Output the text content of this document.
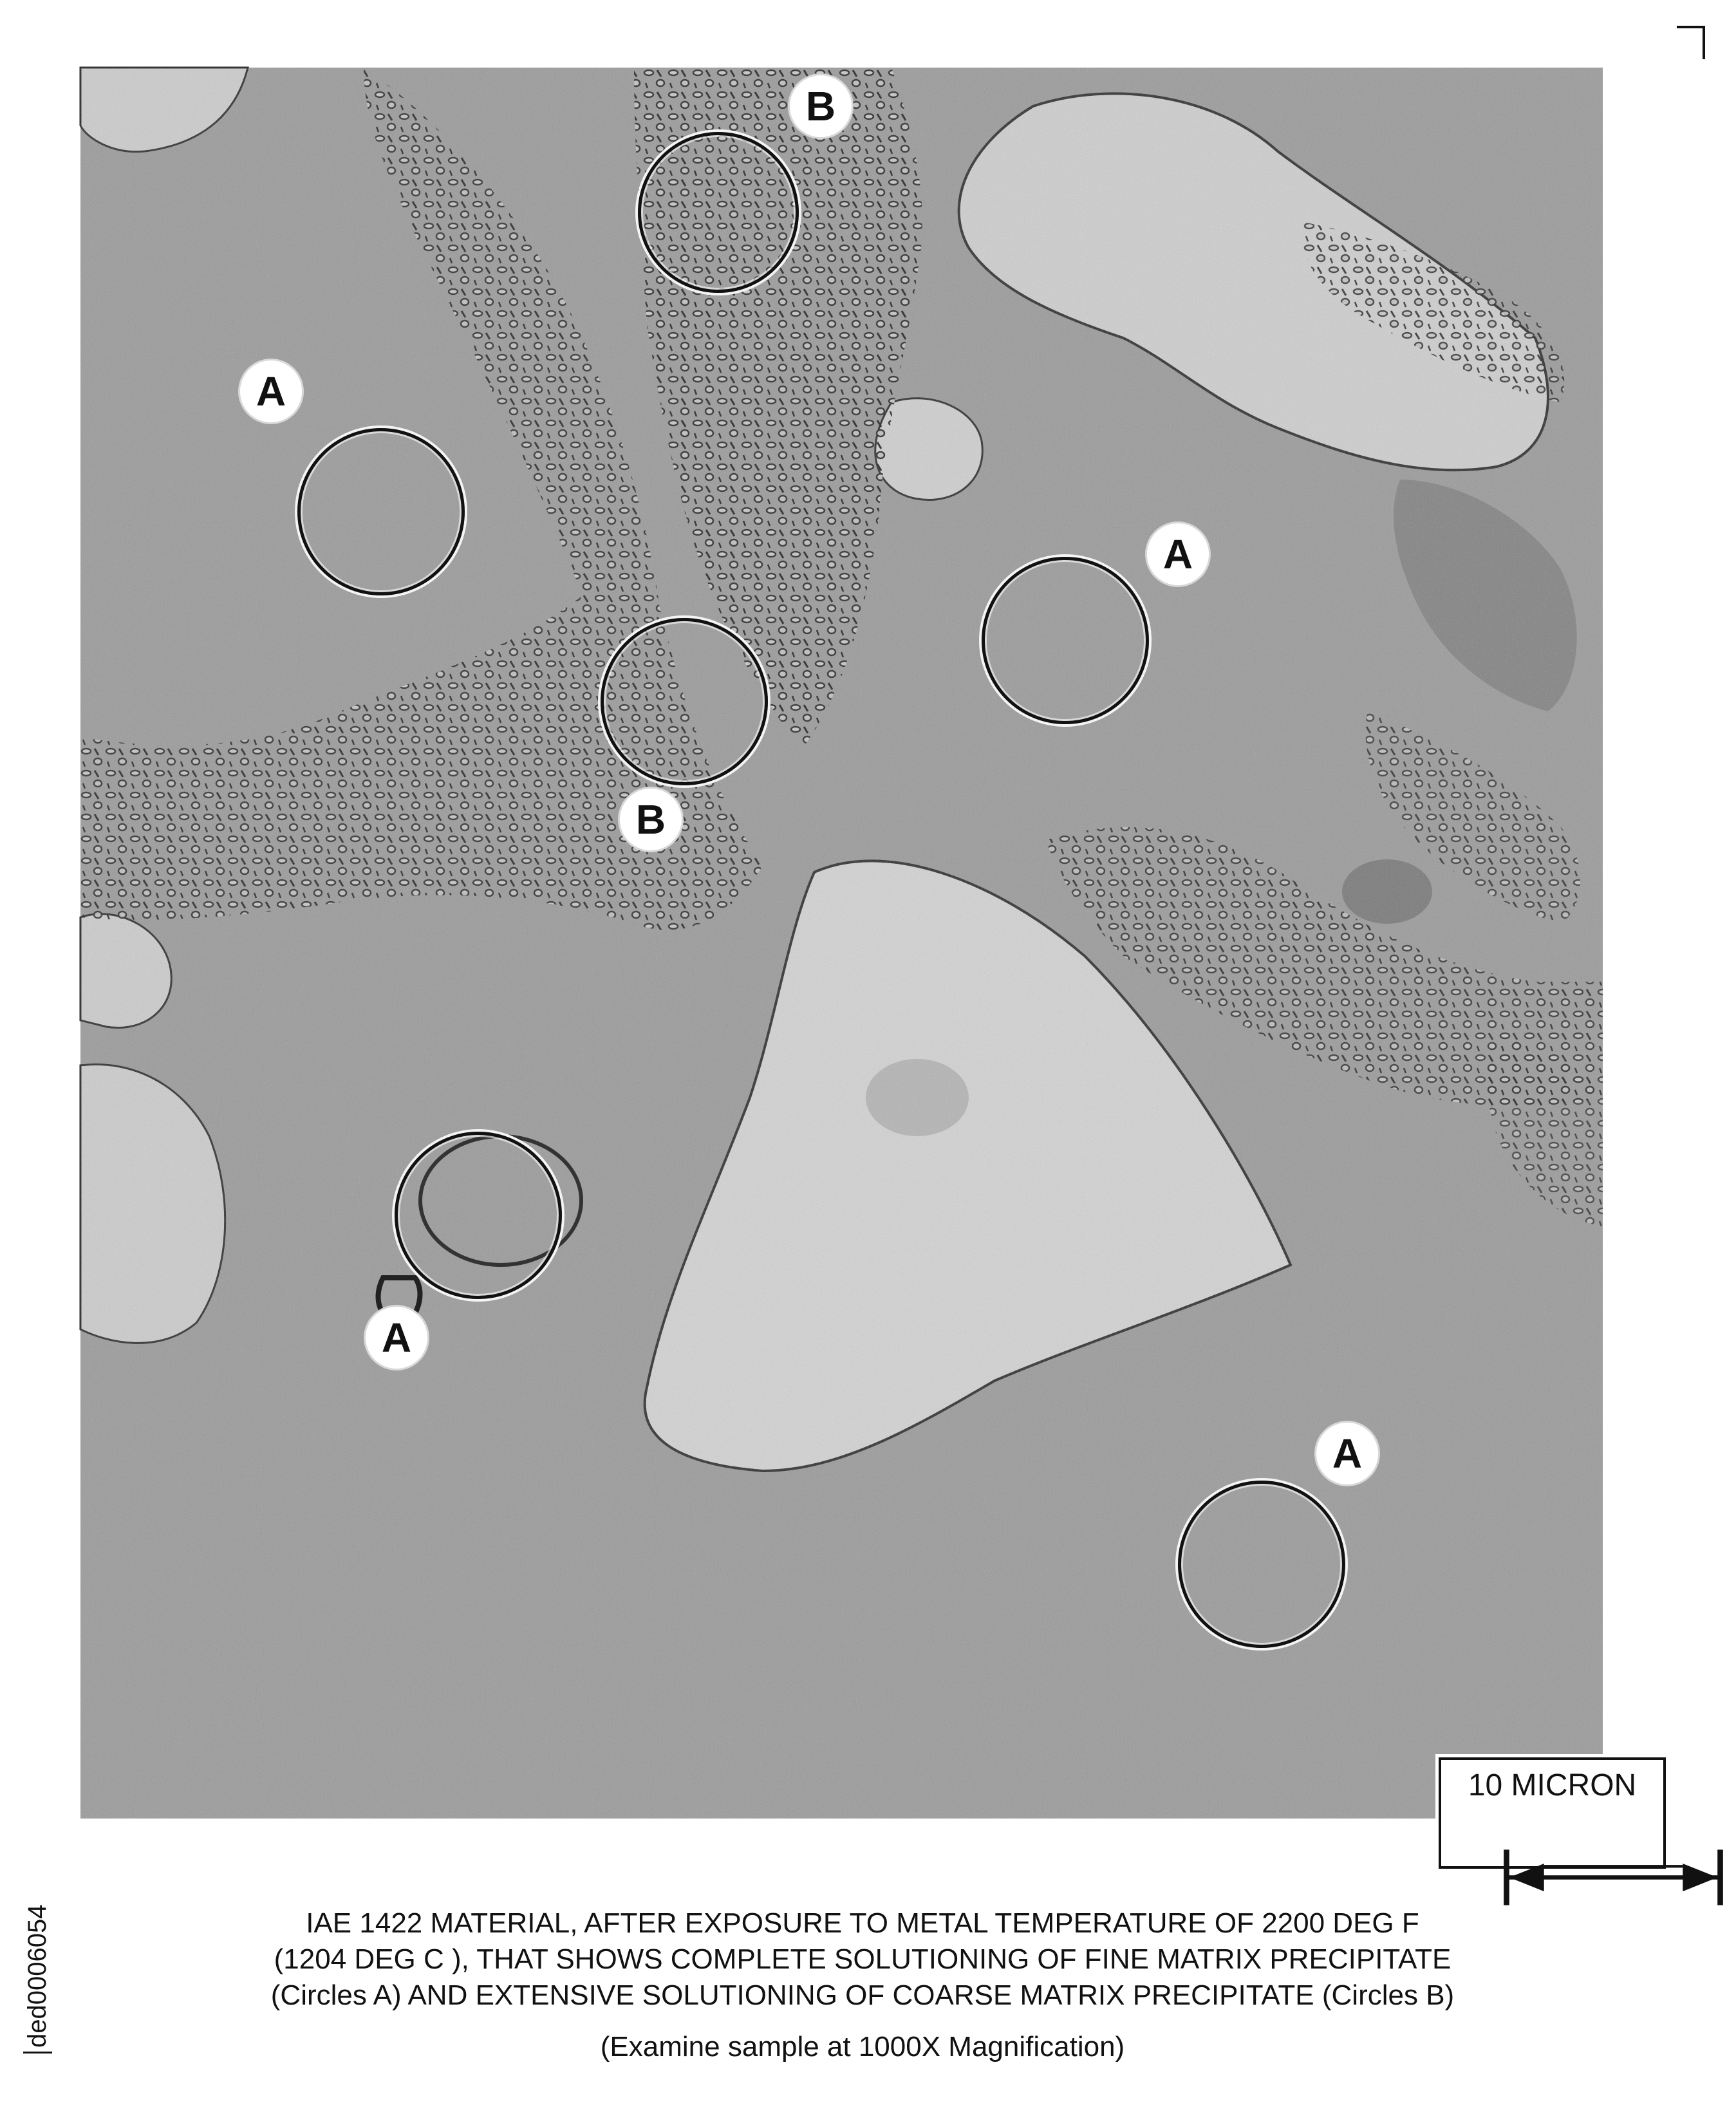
B
A
A
B
A
A
10 MICRON
IAE 1422 MATERIAL, AFTER EXPOSURE TO METAL TEMPERATURE OF 2200 DEG F
(1204 DEG C ), THAT SHOWS COMPLETE SOLUTIONING OF FINE MATRIX PRECIPITATE
(Circles A) AND EXTENSIVE SOLUTIONING OF COARSE MATRIX PRECIPITATE (Circles B)
(Examine sample at 1000X Magnification)
ded0006054
